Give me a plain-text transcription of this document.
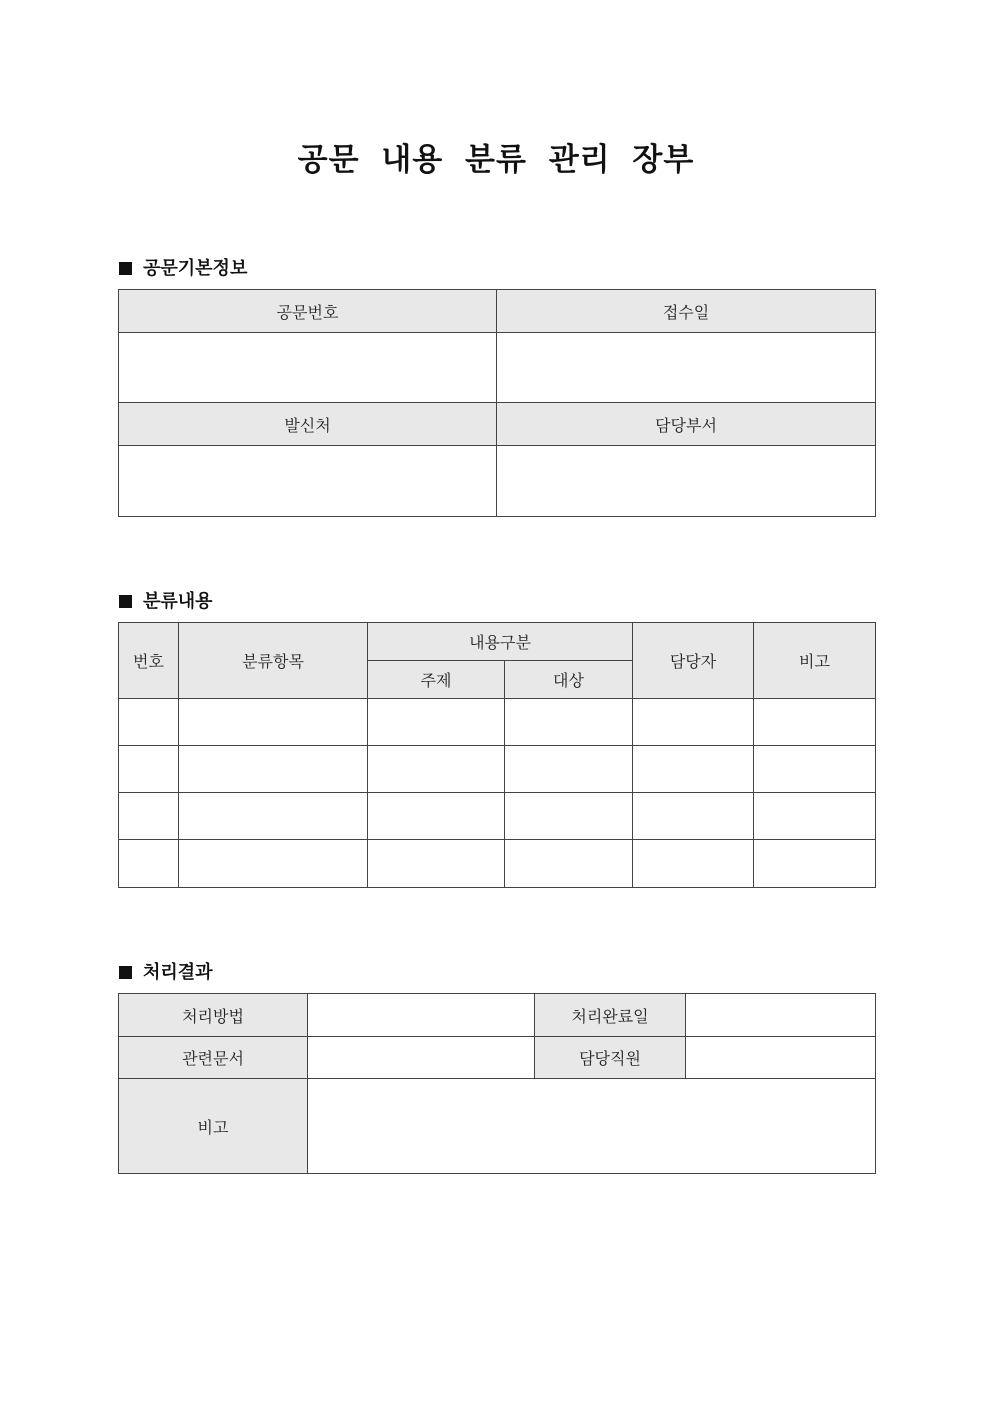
공문 내용 분류 관리 장부
공문기본정보
공문번호	접수일

발신처	담당부서

분류내용
번호	분류항목	내용구분		담당자	비고
		주제	대상		

처리결과
처리방법		처리완료일	
관련문서		담당직원	
비고			
